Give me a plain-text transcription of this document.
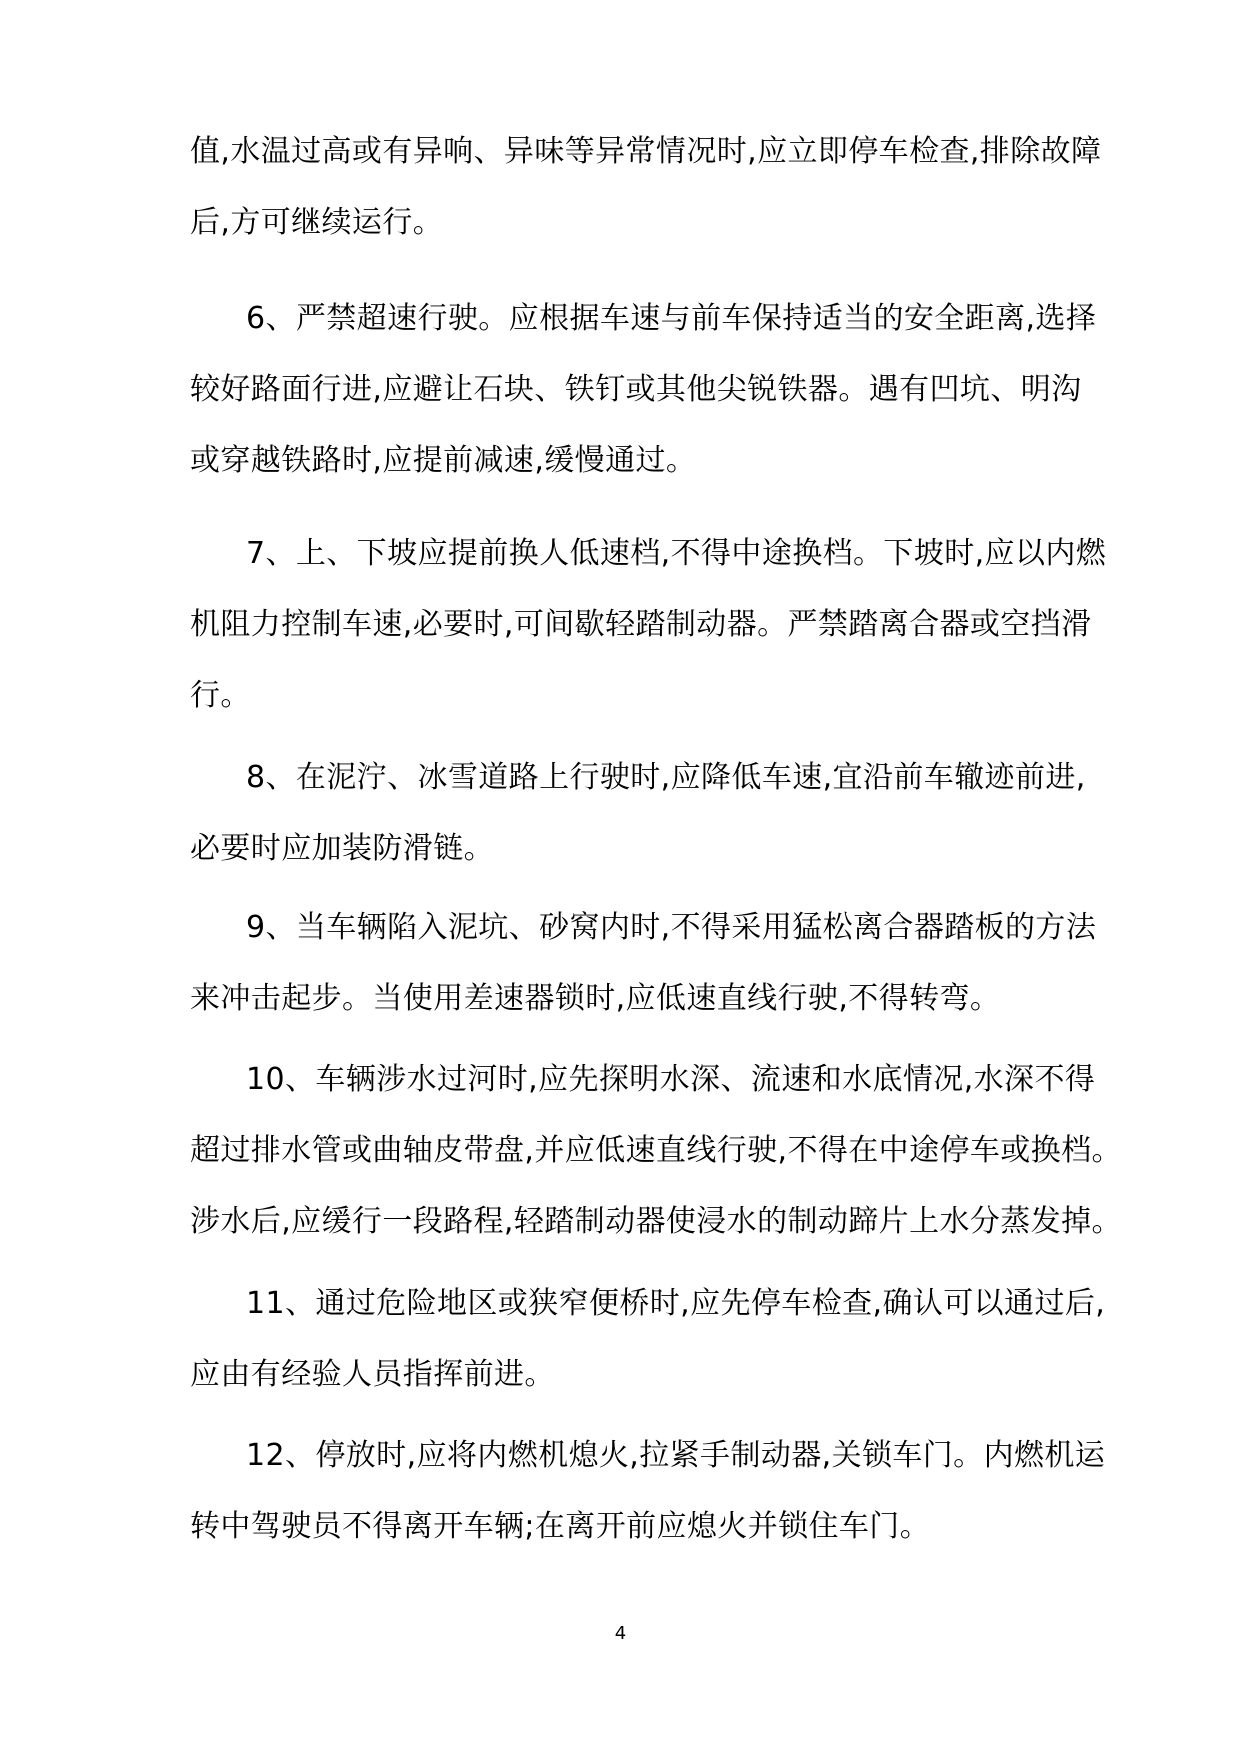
值,水温过高或有异响、异味等异常情况时,应立即停车检查,排除故障
后,方可继续运行。
6、严禁超速行驶。应根据车速与前车保持适当的安全距离,选择
较好路面行进,应避让石块、铁钉或其他尖锐铁器。遇有凹坑、明沟
或穿越铁路时,应提前减速,缓慢通过。
7、上、下坡应提前换人低速档,不得中途换档。下坡时,应以内燃
机阻力控制车速,必要时,可间歇轻踏制动器。严禁踏离合器或空挡滑
行。
8、在泥泞、冰雪道路上行驶时,应降低车速,宜沿前车辙迹前进,
必要时应加装防滑链。
9、当车辆陷入泥坑、砂窝内时,不得采用猛松离合器踏板的方法
来冲击起步。当使用差速器锁时,应低速直线行驶,不得转弯。
10、车辆涉水过河时,应先探明水深、流速和水底情况,水深不得
超过排水管或曲轴皮带盘,并应低速直线行驶,不得在中途停车或换档。
涉水后,应缓行一段路程,轻踏制动器使浸水的制动蹄片上水分蒸发掉。
11、通过危险地区或狭窄便桥时,应先停车检查,确认可以通过后,
应由有经验人员指挥前进。
12、停放时,应将内燃机熄火,拉紧手制动器,关锁车门。内燃机运
转中驾驶员不得离开车辆;在离开前应熄火并锁住车门。
4
